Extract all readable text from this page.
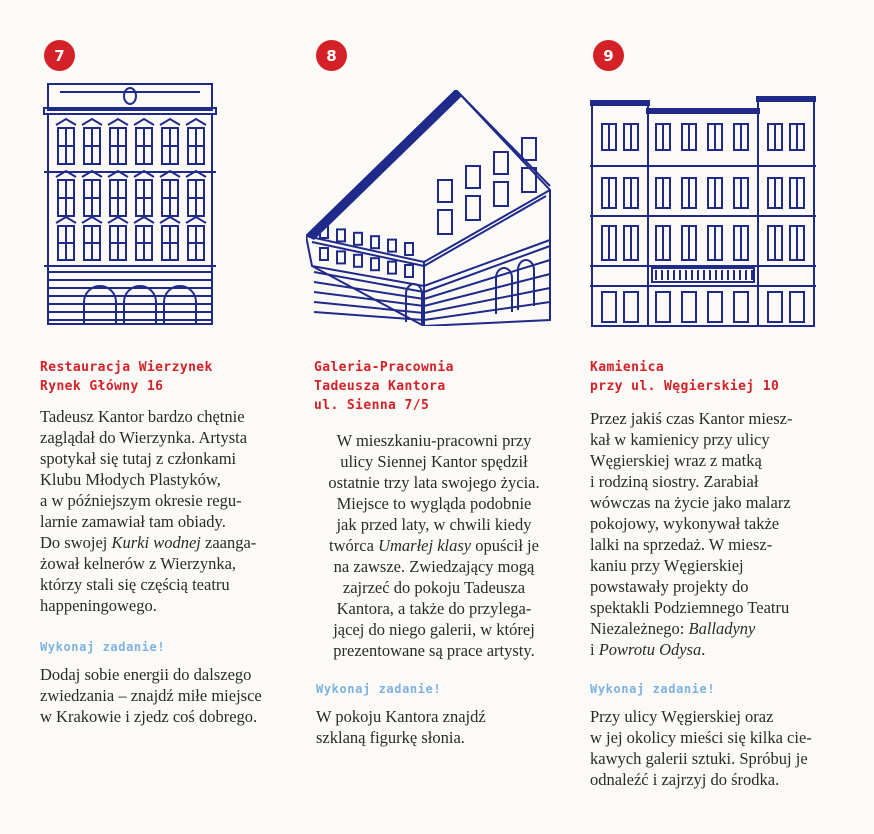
7
Restauracja Wierzynek
Rynek Główny 16
Tadeusz Kantor bardzo chętnie
zaglądał do Wierzynka. Artysta
spotykał się tutaj z członkami
Klubu Młodych Plastyków,
a w późniejszym okresie regu-
larnie zamawiał tam obiady.
Do swojej Kurki wodnej zaanga-
żował kelnerów z Wierzynka,
którzy stali się częścią teatru
happeningowego.
Wykonaj zadanie!
Dodaj sobie energii do dalszego
zwiedzania – znajdź miłe miejsce
w Krakowie i zjedz coś dobrego.
8
Galeria-Pracownia
Tadeusza Kantora
ul. Sienna 7/5
W mieszkaniu-pracowni przy
ulicy Siennej Kantor spędził
ostatnie trzy lata swojego życia.
Miejsce to wygląda podobnie
jak przed laty, w chwili kiedy
twórca Umarłej klasy opuścił je
na zawsze. Zwiedzający mogą
zajrzeć do pokoju Tadeusza
Kantora, a także do przylega-
jącej do niego galerii, w której
prezentowane są prace artysty.
Wykonaj zadanie!
W pokoju Kantora znajdź
szklaną figurkę słonia.
9
Kamienica
przy ul. Węgierskiej 10
Przez jakiś czas Kantor miesz-
kał w kamienicy przy ulicy
Węgierskiej wraz z matką
i rodziną siostry. Zarabiał
wówczas na życie jako malarz
pokojowy, wykonywał także
lalki na sprzedaż. W miesz-
kaniu przy Węgierskiej
powstawały projekty do
spektakli Podziemnego Teatru
Niezależnego: Balladyny
i Powrotu Odysa.
Wykonaj zadanie!
Przy ulicy Węgierskiej oraz
w jej okolicy mieści się kilka cie-
kawych galerii sztuki. Spróbuj je
odnaleźć i zajrzyj do środka.
